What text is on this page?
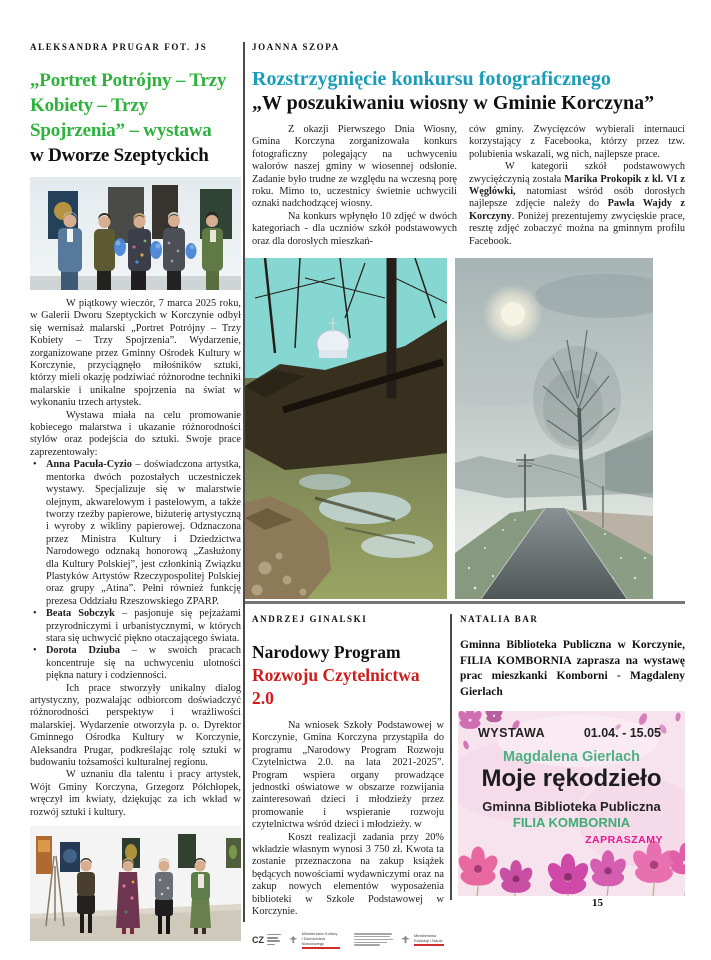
ALEKSANDRA PRUGAR FOT. JS
„Portret Potrójny – Trzy Kobiety – Trzy Spojrzenia” – wystawa
w Dworze Szeptyckich

W piątkowy wieczór, 7 marca 2025 roku, w Galerii Dworu Szeptyckich w Korczynie odbył się wernisaż malarski „Portret Potrójny – Trzy Kobiety – Trzy Spojrzenia”. Wydarzenie, zorganizowane przez Gminny Ośrodek Kultury w Korczynie, przyciągnęło miłośników sztuki, którzy mieli okazję podziwiać różnorodne techniki malarskie i unikalne spojrzenia na świat w wykonaniu trzech artystek.

Wystawa miała na celu promowanie kobiecego malarstwa i ukazanie różnorodności stylów oraz podejścia do sztuki. Swoje prace zaprezentowały:

• Anna Pacuła-Cyzio – doświadczona artystka, mentorka dwóch pozostałych uczestniczek wystawy. Specjalizuje się w malarstwie olejnym, akwarelowym i pastelowym, a także tworzy rzeźby papierowe, biżuterię artystyczną i wyroby z wikliny papierowej. Odznaczona przez Ministra Kultury i Dziedzictwa Narodowego odznaką honorową „Zasłużony dla Kultury Polskiej”, jest członkinią Związku Plastyków Artystów Rzeczypospolitej Polskiej oraz grupy „Atina”. Pełni również funkcję prezesa Oddziału Rzeszowskiego ZPARP.
• Beata Sobczyk – pasjonuje się pejzażami przyrodniczymi i urbanistycznymi, w których stara się uchwycić piękno otaczającego świata.
• Dorota Dziuba – w swoich pracach koncentruje się na uchwyceniu ulotności piękna natury i codzienności.

Ich prace stworzyły unikalny dialog artystyczny, pozwalając odbiorcom doświadczyć różnorodności perspektyw i wrażliwości malarskiej. Wydarzenie otworzyła p. o. Dyrektor Gminnego Ośrodka Kultury w Korczynie, Aleksandra Prugar, podkreślając rolę sztuki w budowaniu tożsamości kulturalnej regionu.

W uznaniu dla talentu i pracy artystek, Wójt Gminy Korczyna, Grzegorz Półchłopek, wręczył im kwiaty, dziękując za ich wkład w rozwój sztuki i kultury.

JOANNA SZOPA
Rozstrzygnięcie konkursu fotograficznego
„W poszukiwaniu wiosny w Gminie Korczyna”

Z okazji Pierwszego Dnia Wiosny, Gmina Korczyna zorganizowała konkurs fotograficzny polegający na uchwyceniu walorów naszej gminy w wiosennej odsłonie. Zadanie było trudne ze względu na wczesną porę roku. Mimo to, uczestnicy świetnie uchwycili oznaki nadchodzącej wiosny.

Na konkurs wpłynęło 10 zdjęć w dwóch kategoriach - dla uczniów szkół podstawowych oraz dla dorosłych mieszkań-

ców gminy. Zwycięzców wybierali internauci korzystający z Facebooka, którzy przez tzw. polubienia wskazali, wg nich, najlepsze prace.

W kategorii szkół podstawowych zwyciężczynią została Marika Prokopik z kl. VI z Węglówki, natomiast wśród osób dorosłych najlepsze zdjęcie należy do Pawła Wajdy z Korczyny. Poniżej prezentujemy zwycięskie prace, resztę zdjęć zobaczyć można na gminnym profilu Facebook.

ANDRZEJ GINALSKI
Narodowy Program
Rozwoju Czytelnictwa 2.0

Na wniosek Szkoły Podstawowej w Korczynie, Gmina Korczyna przystąpiła do programu „Narodowy Program Rozwoju Czytelnictwa 2.0. na lata 2021-2025”. Program wspiera organy prowadzące jednostki oświatowe w obszarze rozwijania zainteresowań dzieci i młodzieży przez promowanie i wspieranie rozwoju czytelnictwa wśród dzieci i młodzieży. w

Koszt realizacji zadania przy 20% wkładzie własnym wynosi 3 750 zł. Kwota ta zostanie przeznaczona na zakup książek będących nowościami wydawniczymi oraz na zakup nowych elementów wyposażenia biblioteki w Szkole Podstawowej w Korczynie.

CZ
Ministerstwo Kultury
i Dziedzictwa Narodowego
Ministerstwo
Edukacji i Nauki
NATALIA BAR
Gminna Biblioteka Publiczna w Korczynie, FILIA KOMBORNIA zaprasza na wystawę prac mieszkanki Komborni - Magdaleny Gierlach
WYSTAWA	01.04. - 15.05
Magdalena Gierlach
Moje rękodzieło
Gminna Biblioteka Publiczna
FILIA KOMBORNIA
ZAPRASZAMY
15
